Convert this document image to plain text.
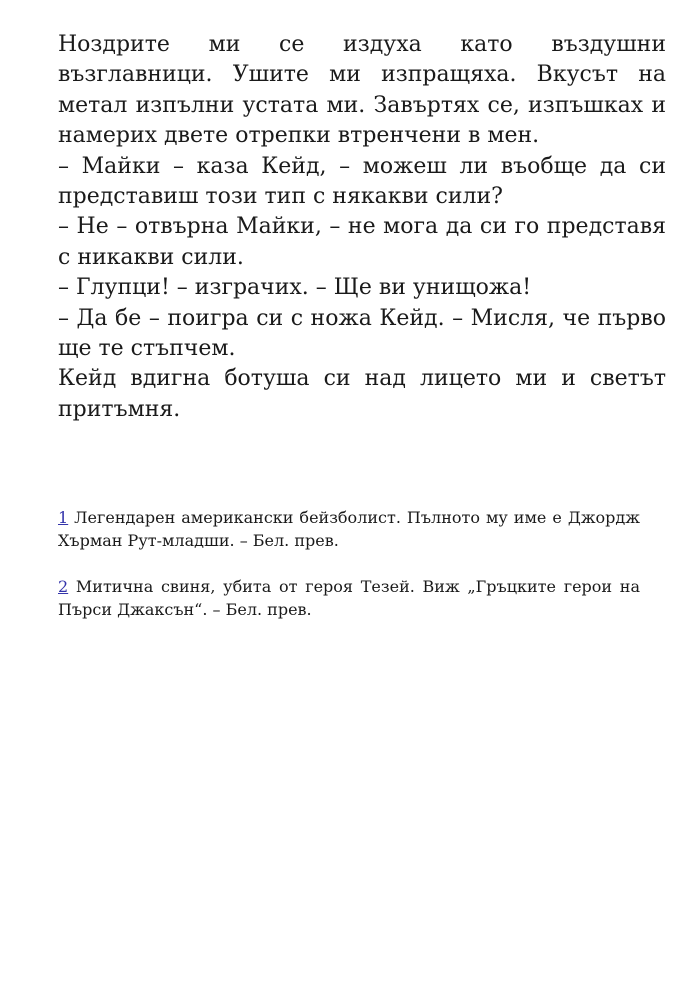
Ноздрите ми се издуха като въздушни възглавници. Ушите ми изпращяха. Вкусът на метал изпълни устата ми. Завъртях се, изпъшках и намерих двете отрепки втренчени в мен.

– Майки – каза Кейд, – можеш ли въобще да си представиш този тип с някакви сили?

– Не – отвърна Майки, – не мога да си го представя с никакви сили.

– Глупци! – изграчих. – Ще ви унищожа!

– Да бе – поигра си с ножа Кейд. – Мисля, че първо ще те стъпчем.

Кейд вдигна ботуша си над лицето ми и светът притъмня.

1 Легендарен американски бейзболист. Пълното му име е Джордж Хърман Рут-младши. – Бел. прев.

2 Митична свиня, убита от героя Тезей. Виж „Гръцките герои на Пърси Джаксън“. – Бел. прев.
